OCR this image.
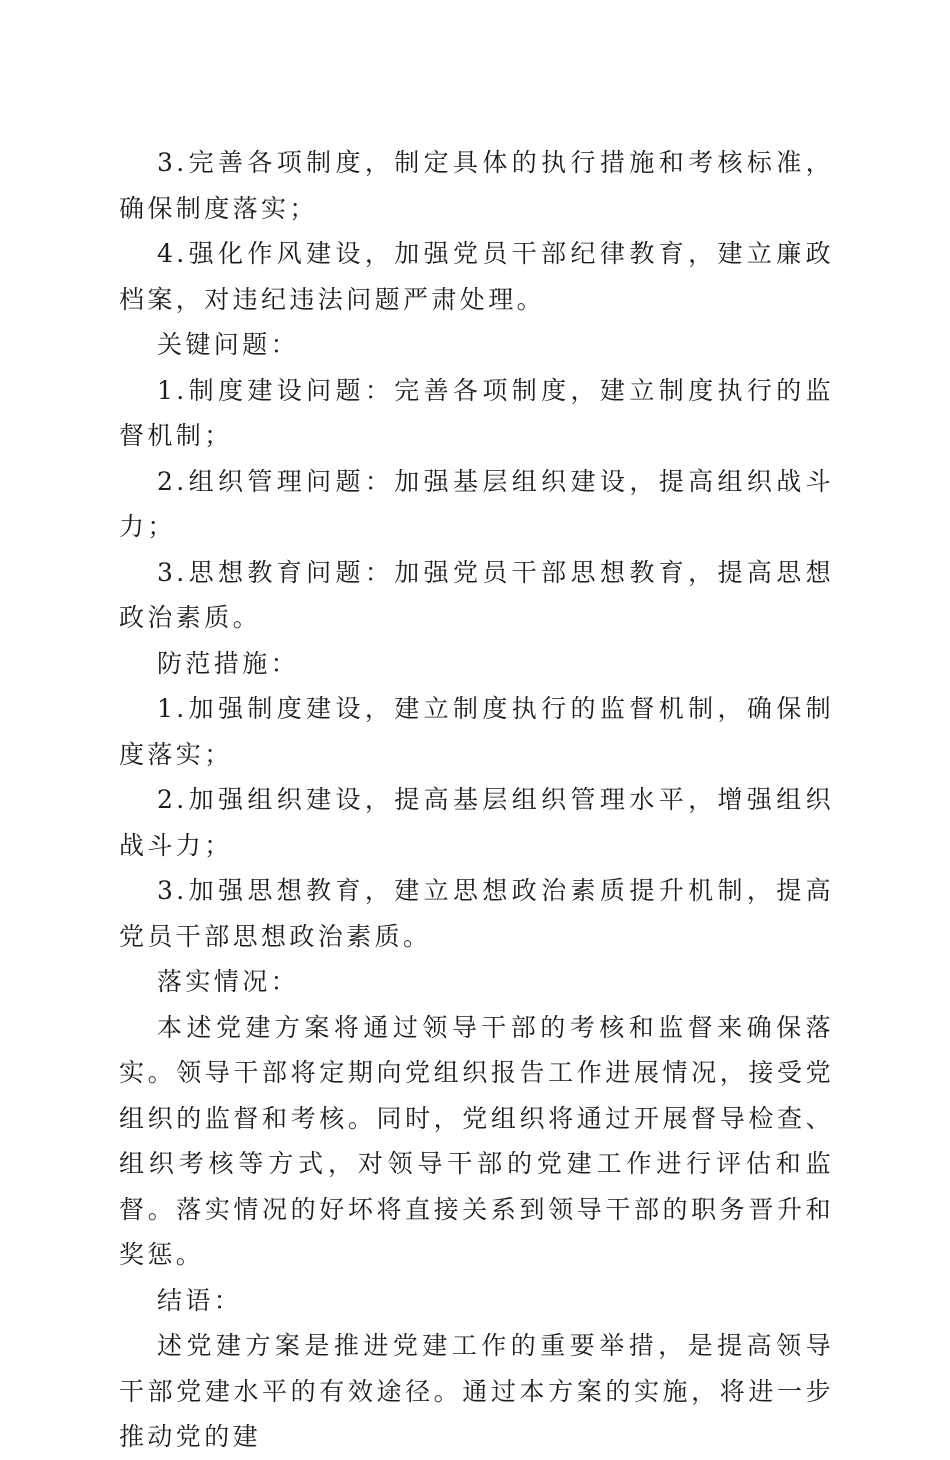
3.完善各项制度，制定具体的执行措施和考核标准，确保制度落实；

4.强化作风建设，加强党员干部纪律教育，建立廉政档案，对违纪违法问题严肃处理。

关键问题：

1.制度建设问题：完善各项制度，建立制度执行的监督机制；

2.组织管理问题：加强基层组织建设，提高组织战斗力；

3.思想教育问题：加强党员干部思想教育，提高思想政治素质。

防范措施：

1.加强制度建设，建立制度执行的监督机制，确保制度落实；

2.加强组织建设，提高基层组织管理水平，增强组织战斗力；

3.加强思想教育，建立思想政治素质提升机制，提高党员干部思想政治素质。

落实情况：

本述党建方案将通过领导干部的考核和监督来确保落实。领导干部将定期向党组织报告工作进展情况，接受党组织的监督和考核。同时，党组织将通过开展督导检查、组织考核等方式，对领导干部的党建工作进行评估和监督。落实情况的好坏将直接关系到领导干部的职务晋升和奖惩。

结语：

述党建方案是推进党建工作的重要举措，是提高领导干部党建水平的有效途径。通过本方案的实施，将进一步推动党的建
